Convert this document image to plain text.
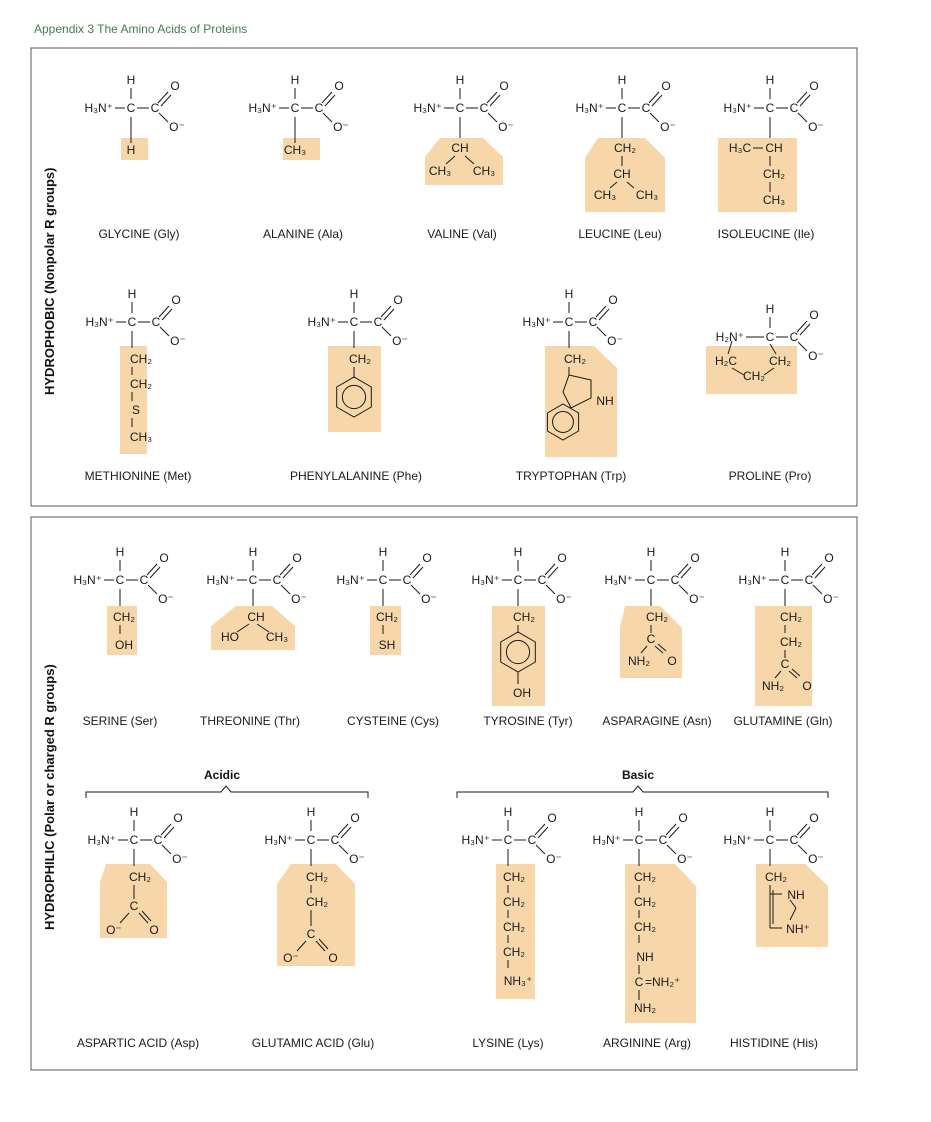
Appendix 3 The Amino Acids of Proteins
HYDROPHOBIC (Nonpolar R groups)
HYDROPHILIC (Polar or charged R groups)	Acidic	Basic
H
H₃N⁺ C C
O
O⁻
H
GLYCINE (Gly)
H
H₃N⁺ C C
O
O⁻
CH₃
ALANINE (Ala)
H
H₃N⁺ C C
O
O⁻
CH
CH₃ CH₃
VALINE (Val)
H
H₃N⁺ C C
O
O⁻
CH₂
CH
CH₃ CH₃
LEUCINE (Leu)
H
H₃N⁺ C C
O
O⁻
H₃C CH
CH₂
CH₃
ISOLEUCINE (Ile)
H
H₃N⁺ C C
O
O⁻
CH₂
CH₂
S
CH₃
METHIONINE (Met)
H
H₃N⁺ C C
O
O⁻
CH₂
PHENYLALANINE (Phe)
H
H₃N⁺ C C
O
O⁻
CH₂
NH
TRYPTOPHAN (Trp)
H₂N⁺
H
C C
O
O⁻
H₂C	CH₂
CH₂
PROLINE (Pro)
H
H₃N⁺ C C
O
O⁻
CH₂
OH
SERINE (Ser)
H
H₃N⁺ C C
O
O⁻
CH
HO CH₃
THREONINE (Thr)
H
H₃N⁺ C C
O
O⁻
CH₂
SH
CYSTEINE (Cys)
H
H₃N⁺ C C
O
O⁻
CH₂
OH
TYROSINE (Tyr)
H
H₃N⁺ C C
O
O⁻
CH₂
C
NH₂ O
ASPARAGINE (Asn)
H
H₃N⁺ C C
O
O⁻
CH₂
CH₂
C
NH₂ O
GLUTAMINE (Gln)
H
H₃N⁺ C C
O
O⁻
CH₂
C
O⁻ O
ASPARTIC ACID (Asp)
H
H₃N⁺ C C
O
O⁻
CH₂
CH₂
C
O⁻ O
GLUTAMIC ACID (Glu)
H
H₃N⁺ C C
O
O⁻
CH₂
CH₂
CH₂
CH₂
NH₃⁺
LYSINE (Lys)
H
H₃N⁺ C C
O
O⁻
CH₂
CH₂
CH₂
NH
C =NH₂⁺
NH₂
ARGININE (Arg)
H
H₃N⁺ C C
O
O⁻
CH₂
NH
NH⁺
HISTIDINE (His)
